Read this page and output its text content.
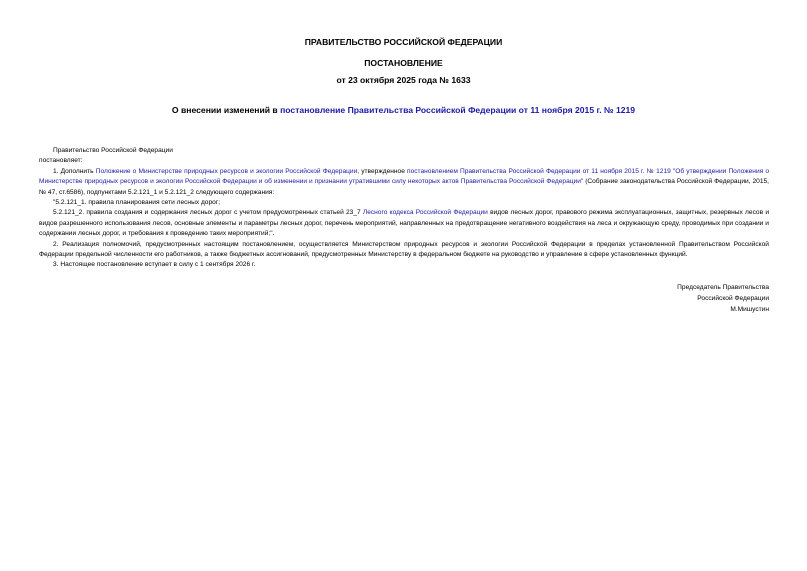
ПРАВИТЕЛЬСТВО РОССИЙСКОЙ ФЕДЕРАЦИИ
ПОСТАНОВЛЕНИЕ
от 23 октября 2025 года № 1633
О внесении изменений в постановление Правительства Российской Федерации от 11 ноября 2015 г. № 1219

Правительство Российской Федерации

постановляет:

1. Дополнить Положение о Министерстве природных ресурсов и экологии Российской Федерации, утвержденное постановлением Правительства Российской Федерации от 11 ноября 2015 г. № 1219 "Об утверждении Положения о Министерстве природных ресурсов и экологии Российской Федерации и об изменении и признании утратившими силу некоторых актов Правительства Российской Федерации" (Собрание законодательства Российской Федерации, 2015, № 47, ст.6586), подпунктами 5.2.121_1 и 5.2.121_2 следующего содержания:

"5.2.121_1. правила планирования сети лесных дорог;

5.2.121_2. правила создания и содержания лесных дорог с учетом предусмотренных статьей 23_7 Лесного кодекса Российской Федерации видов лесных дорог, правового режима эксплуатационных, защитных, резервных лесов и видов разрешенного использования лесов, основные элементы и параметры лесных дорог, перечень мероприятий, направленных на предотвращение негативного воздействия на леса и окружающую среду, проводимых при создании и содержании лесных дорог, и требования к проведению таких мероприятий;".

2. Реализация полномочий, предусмотренных настоящим постановлением, осуществляется Министерством природных ресурсов и экологии Российской Федерации в пределах установленной Правительством Российской Федерации предельной численности его работников, а также бюджетных ассигнований, предусмотренных Министерству в федеральном бюджете на руководство и управление в сфере установленных функций.

3. Настоящее постановление вступает в силу с 1 сентября 2026 г.

Председатель Правительства
Российской Федерации
М.Мишустин
